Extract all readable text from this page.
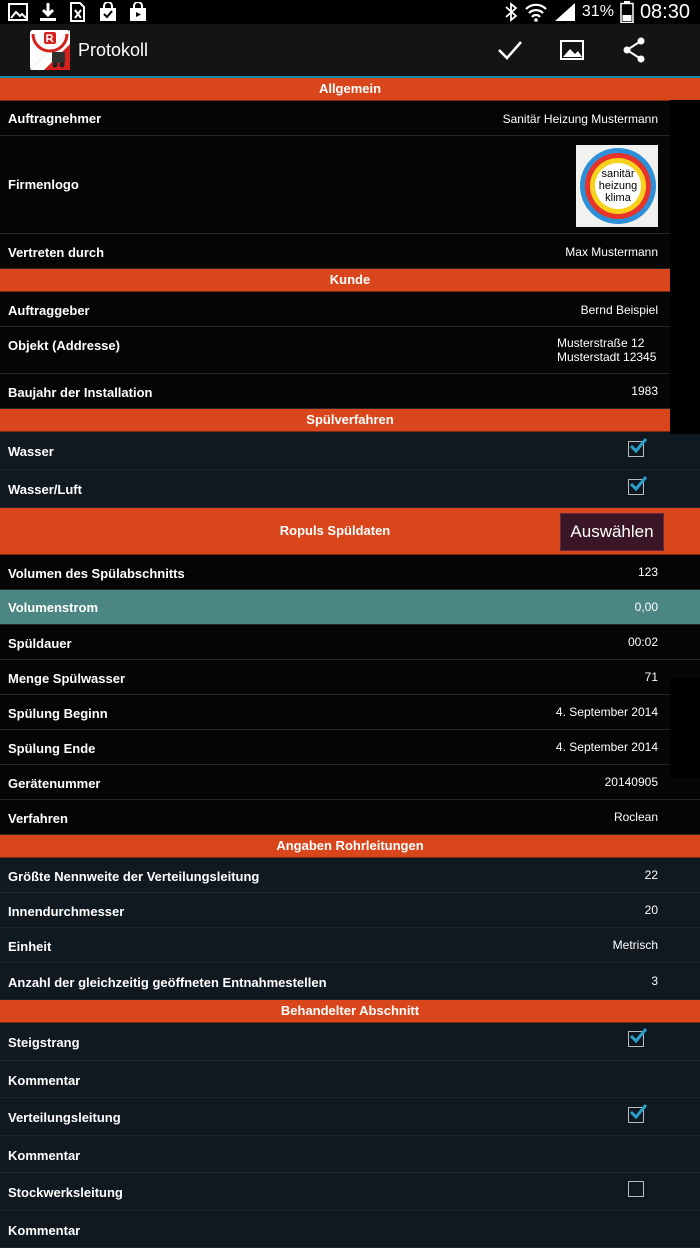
31% 08:30
Protokoll
Allgemein
Auftragnehmer	Sanitär Heizung Mustermann
Firmenlogo
sanitär
heizung
klima
Vertreten durch	Max Mustermann
Kunde
Auftraggeber	Bernd Beispiel
Objekt (Addresse)	Musterstraße 12
Musterstadt 12345
Baujahr der Installation	1983
Spülverfahren
Wasser
Wasser/Luft
Ropuls Spüldaten	Auswählen
Volumen des Spülabschnitts	123
Volumenstrom	0,00
Spüldauer	00:02
Menge Spülwasser	71
Spülung Beginn	4. September 2014
Spülung Ende	4. September 2014
Gerätenummer	20140905
Verfahren	Roclean
Angaben Rohrleitungen
Größte Nennweite der Verteilungsleitung	22
Innendurchmesser	20
Einheit	Metrisch
Anzahl der gleichzeitig geöffneten Entnahmestellen	3
Behandelter Abschnitt
Steigstrang
Kommentar
Verteilungsleitung
Kommentar
Stockwerksleitung
Kommentar
